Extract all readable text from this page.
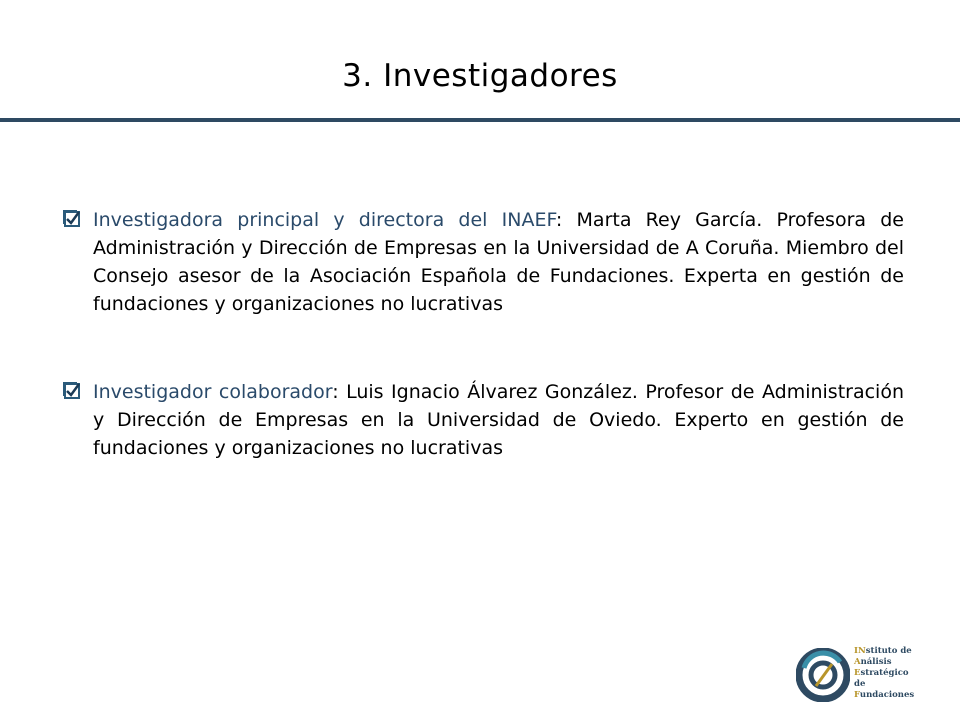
3. Investigadores
Investigadora principal y directora del INAEF: Marta Rey García. Profesora de Administración y Dirección de Empresas en la Universidad de A Coruña. Miembro del Consejo asesor de la Asociación Española de Fundaciones. Experta en gestión de fundaciones y organizaciones no lucrativas
Investigador colaborador: Luis Ignacio Álvarez González. Profesor de Administración y Dirección de Empresas en la Universidad de Oviedo. Experto en gestión de fundaciones y organizaciones no lucrativas
INstituto de
Análisis
Estratégico de
Fundaciones
